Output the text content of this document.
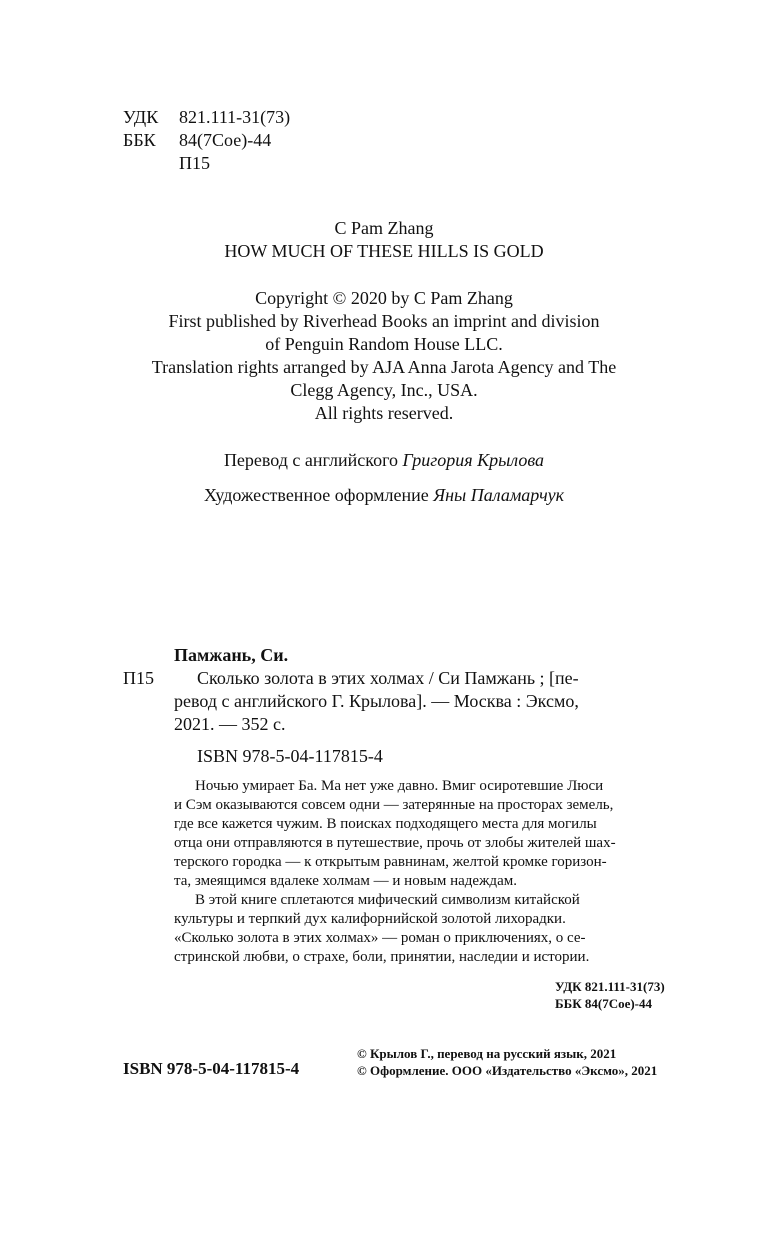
УДК	821.111-31(73)
ББК	84(7Сое)-44
П15
C Pam Zhang
HOW MUCH OF THESE HILLS IS GOLD
Copyright © 2020 by C Pam Zhang
First published by Riverhead Books an imprint and division
of Penguin Random House LLC.
Translation rights arranged by AJA Anna Jarota Agency and The
Clegg Agency, Inc., USA.
All rights reserved.
Перевод с английского Григория Крылова
Художественное оформление Яны Паламарчук
Памжань, Си.
П15 Сколько золота в этих холмах / Си Памжань ; [пе-
ревод с английского Г. Крылова]. — Москва : Эксмо,
2021. — 352 с.
ISBN 978-5-04-117815-4
Ночью умирает Ба. Ма нет уже давно. Вмиг осиротевшие Люси
и Сэм оказываются совсем одни — затерянные на просторах земель,
где все кажется чужим. В поисках подходящего места для могилы
отца они отправляются в путешествие, прочь от злобы жителей шах-
терского городка — к открытым равнинам, желтой кромке горизон-
та, змеящимся вдалеке холмам — и новым надеждам.
В этой книге сплетаются мифический символизм китайской
культуры и терпкий дух калифорнийской золотой лихорадки.
«Сколько золота в этих холмах» — роман о приключениях, о се-
стринской любви, о страхе, боли, принятии, наследии и истории.
УДК 821.111-31(73)
ББК 84(7Сое)-44
ISBN 978-5-04-117815-4
© Крылов Г., перевод на русский язык, 2021
© Оформление. ООО «Издательство «Эксмо», 2021
